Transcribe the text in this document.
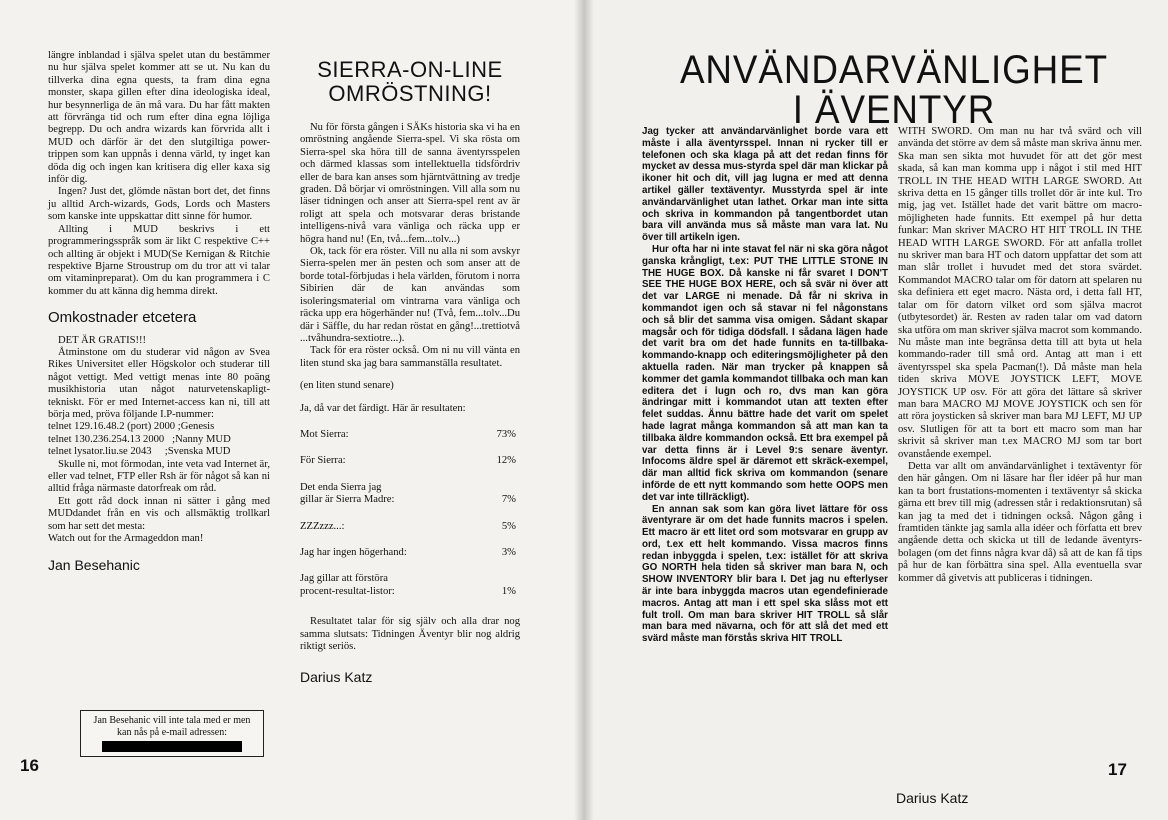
längre inblandad i själva spelet utan du bestämmer nu hur själva spelet kommer att se ut. Nu kan du tillverka dina egna quests, ta fram dina egna monster, skapa gillen efter dina ideologiska ideal, hur besynnerliga de än må vara. Du har fått makten att förvränga tid och rum efter dina egna löjliga begrepp. Du och andra wizards kan förvrida allt i MUD och därför är det den slutgiltiga power-trippen som kan uppnås i denna värld, ty inget kan döda dig och ingen kan kritisera dig eller kaxa sig inför dig.

Ingen? Just det, glömde nästan bort det, det finns ju alltid Arch-wizards, Gods, Lords och Masters som kanske inte uppskattar ditt sinne för humor.

Allting i MUD beskrivs i ett programmeringsspråk som är likt C respektive C++ och allting är objekt i MUD(Se Kernigan & Ritchie respektive Bjarne Stroustrup om du tror att vi talar om vitaminpreparat). Om du kan programmera i C kommer du att känna dig hemma direkt.

Omkostnader etcetera

DET ÄR GRATIS!!!

Åtminstone om du studerar vid någon av Svea Rikes Universitet eller Högskolor och studerar till något vettigt. Med vettigt menas inte 80 poäng musikhistoria utan något naturvetenskapligt-tekniskt. För er med Internet-access kan ni, till att börja med, pröva följande I.P-nummer:

telnet 129.16.48.2 (port) 2000 ;Genesis

telnet 130.236.254.13 2000   ;Nanny MUD

telnet lysator.liu.se 2043     ;Svenska MUD

Skulle ni, mot förmodan, inte veta vad Internet är, eller vad telnet, FTP eller Rsh är för något så kan ni alltid fråga närmaste datorfreak om råd.

Ett gott råd dock innan ni sätter i gång med MUDdandet från en vis och allsmäktig trollkarl som har sett det mesta:

Watch out for the Armageddon man!

Jan Besehanic
Jan Besehanic vill inte tala med er men kan nås på e-mail adressen:
SIERRA-ON-LINE OMRÖSTNING!

Nu för första gången i SÄKs historia ska vi ha en omröstning angående Sierra-spel. Vi ska rösta om Sierra-spel ska höra till de sanna äventyrsspelen och därmed klassas som intellektuella tidsfördriv eller de bara kan anses som hjärntvättning av tredje graden. Då börjar vi omröstningen. Vill alla som nu läser tidningen och anser att Sierra-spel rent av är roligt att spela och motsvarar deras bristande intelligens-nivå vara vänliga och räcka upp er högra hand nu! (En, två...fem...tolv...)

Ok, tack för era röster. Vill nu alla ni som avskyr Sierra-spelen mer än pesten och som anser att de borde total-förbjudas i hela världen, förutom i norra Sibirien där de kan användas som isoleringsmaterial om vintrarna vara vänliga och räcka upp era högerhänder nu! (Två, fem...tolv...Du där i Säffle, du har redan röstat en gång!...trettiotvå ...tvåhundra-sextiotre...).

Tack för era röster också. Om ni nu vill vänta en liten stund ska jag bara sammanställa resultatet.

(en liten stund senare)

Ja, då var det färdigt. Här är resultaten:

Mot Sierra:	73%
För Sierra:	12%
Det enda Sierra jag gillar är Sierra Madre:	7%
ZZZzzz...:	5%
Jag har ingen högerhand:	3%
Jag gillar att förstöra procent-resultat-listor:	1%

Resultatet talar för sig själv och alla drar nog samma slutsats: Tidningen Äventyr blir nog aldrig riktigt seriös.

Darius Katz
16
ANVÄNDARVÄNLIGHET
I ÄVENTYR

Jag tycker att användarvänlighet borde vara ett måste i alla äventyrsspel. Innan ni rycker till er telefonen och ska klaga på att det redan finns för mycket av dessa mus-styrda spel där man klickar på ikoner hit och dit, vill jag lugna er med att denna artikel gäller textäventyr. Musstyrda spel är inte användarvänlighet utan lathet. Orkar man inte sitta och skriva in kommandon på tangentbordet utan bara vill använda mus så måste man vara lat. Nu över till artikeln igen.

Hur ofta har ni inte stavat fel när ni ska göra något ganska krångligt, t.ex: PUT THE LITTLE STONE IN THE HUGE BOX. Då kanske ni får svaret I DON'T SEE THE HUGE BOX HERE, och så svär ni över att det var LARGE ni menade. Då får ni skriva in kommandot igen och så stavar ni fel någonstans och så blir det samma visa omigen. Sådant skapar magsår och för tidiga dödsfall. I sådana lägen hade det varit bra om det hade funnits en ta-tillbaka-kommando-knapp och editeringsmöjligheter på den aktuella raden. När man trycker på knappen så kommer det gamla kommandot tillbaka och man kan editera det i lugn och ro, dvs man kan göra ändringar mitt i kommandot utan att texten efter felet suddas. Ännu bättre hade det varit om spelet hade lagrat många kommandon så att man kan ta tillbaka äldre kommandon också. Ett bra exempel på var detta finns är i Level 9:s senare äventyr. Infocoms äldre spel är däremot ett skräck-exempel, där man alltid fick skriva om kommandon (senare införde de ett nytt kommando som hette OOPS men det var inte tillräckligt).

En annan sak som kan göra livet lättare för oss äventyrare är om det hade funnits macros i spelen. Ett macro är ett litet ord som motsvarar en grupp av ord, t.ex ett helt kommando. Vissa macros finns redan inbyggda i spelen, t.ex: istället för att skriva GO NORTH hela tiden så skriver man bara N, och SHOW INVENTORY blir bara I. Det jag nu efterlyser är inte bara inbyggda macros utan egendefinierade macros. Antag att man i ett spel ska slåss mot ett fult troll. Om man bara skriver HIT TROLL så slår man bara med nävarna, och för att slå det med ett svärd måste man förstås skriva HIT TROLL

WITH SWORD. Om man nu har två svärd och vill använda det större av dem så måste man skriva ännu mer. Ska man sen sikta mot huvudet för att det gör mest skada, så kan man komma upp i något i stil med HIT TROLL IN THE HEAD WITH LARGE SWORD. Att skriva detta en 15 gånger tills trollet dör är inte kul. Tro mig, jag vet. Istället hade det varit bättre om macro-möjligheten hade funnits. Ett exempel på hur detta funkar: Man skriver MACRO HT HIT TROLL IN THE HEAD WITH LARGE SWORD. För att anfalla trollet nu skriver man bara HT och datorn uppfattar det som att man slår trollet i huvudet med det stora svärdet. Kommandot MACRO talar om för datorn att spelaren nu ska definiera ett eget macro. Nästa ord, i detta fall HT, talar om för datorn vilket ord som själva macrot (utbytesordet) är. Resten av raden talar om vad datorn ska utföra om man skriver själva macrot som kommando. Nu måste man inte begränsa detta till att byta ut hela kommando-rader till små ord. Antag att man i ett äventyrsspel ska spela Pacman(!). Då måste man hela tiden skriva MOVE JOYSTICK LEFT, MOVE JOYSTICK UP osv. För att göra det lättare så skriver man bara MACRO MJ MOVE JOYSTICK och sen för att röra joysticken så skriver man bara MJ LEFT, MJ UP osv. Slutligen för att ta bort ett macro som man har skrivit så skriver man t.ex MACRO MJ som tar bort ovanstående exempel.

Detta var allt om användarvänlighet i textäventyr för den här gången. Om ni läsare har fler idéer på hur man kan ta bort frustations-momenten i textäventyr så skicka gärna ett brev till mig (adressen står i redaktionsrutan) så kan jag ta med det i tidningen också. Någon gång i framtiden tänkte jag samla alla idéer och författa ett brev angående detta och skicka ut till de ledande äventyrs-bolagen (om det finns några kvar då) så att de kan få tips på hur de kan förbättra sina spel. Alla eventuella svar kommer då givetvis att publiceras i tidningen.

Darius Katz
17
